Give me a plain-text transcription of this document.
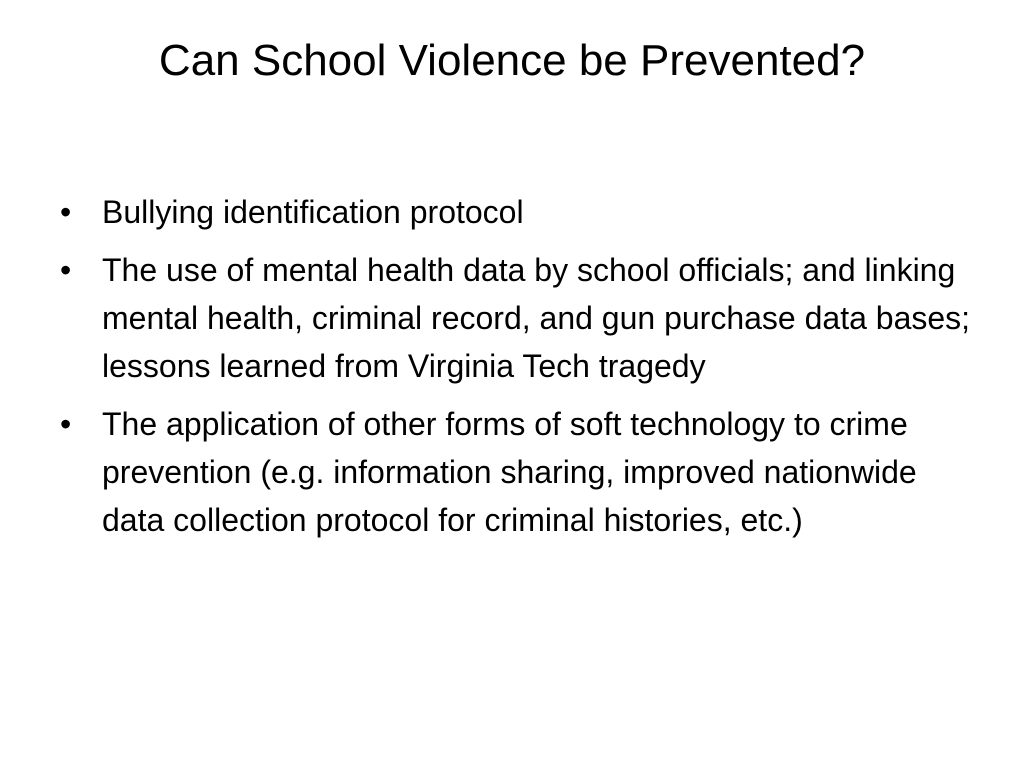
Can School Violence be Prevented?
• Bullying identification protocol
• The use of mental health data by school officials; and linking mental health, criminal record, and gun purchase data bases; lessons learned from Virginia Tech tragedy
• The application of other forms of soft technology to crime prevention (e.g. information sharing, improved nationwide data collection protocol for criminal histories, etc.)
